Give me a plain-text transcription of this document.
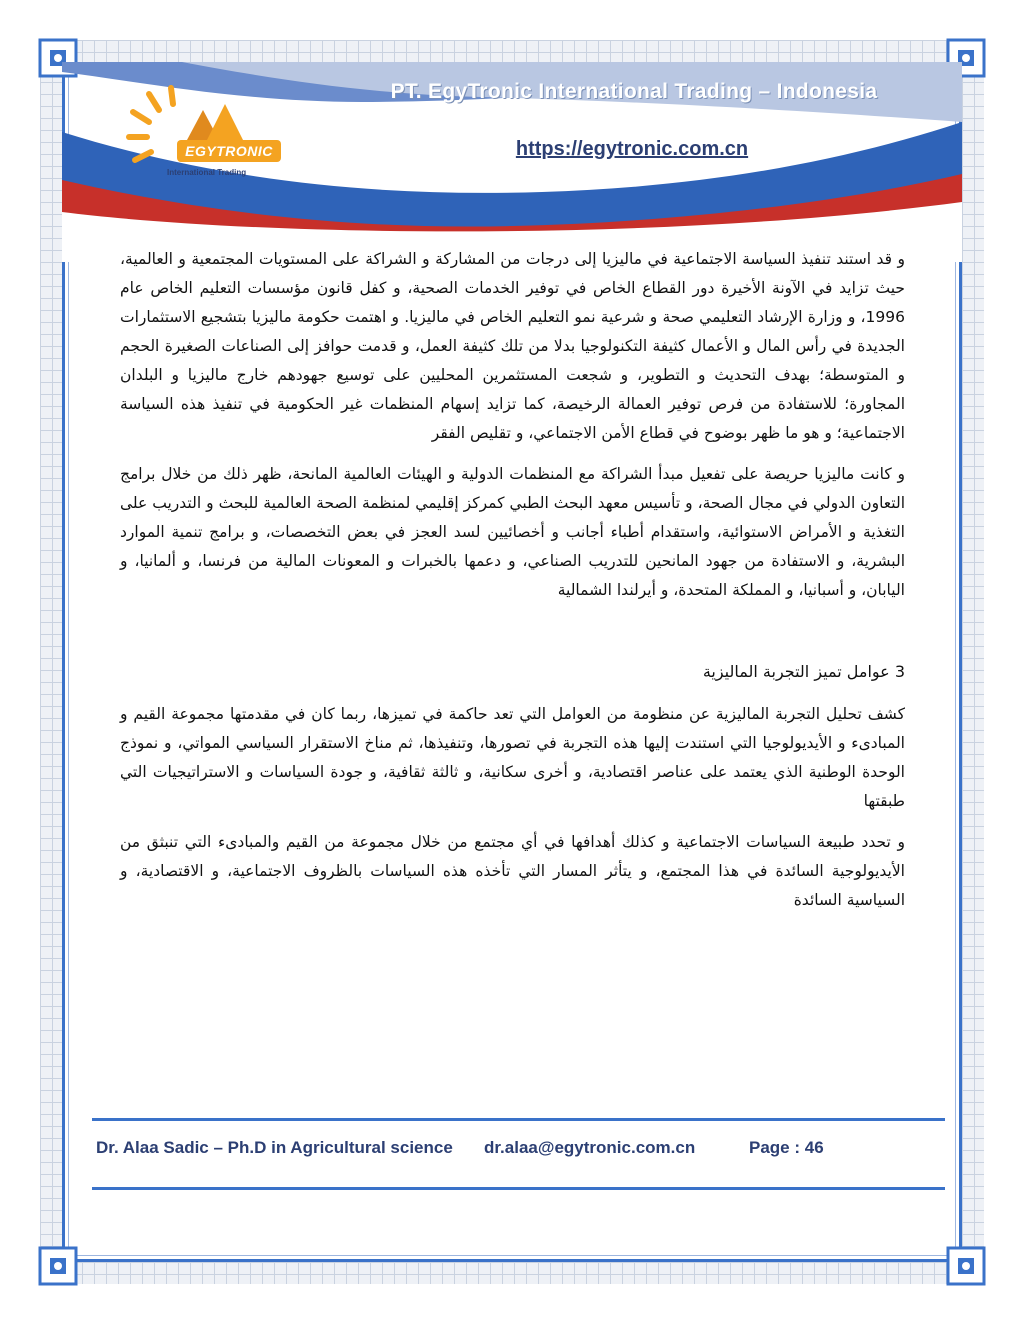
PT. EgyTronic International Trading – Indonesia
https://egytronic.com.cn
EGYTRONIC
International Trading

و قد استند تنفيذ السياسة الاجتماعية في ماليزيا إلى درجات من المشاركة و الشراكة على المستويات المجتمعية و العالمية، حيث تزايد في الآونة الأخيرة دور القطاع الخاص في توفير الخدمات الصحية، و كفل قانون مؤسسات التعليم الخاص عام 1996، و وزارة الإرشاد التعليمي صحة و شرعية نمو التعليم الخاص في ماليزيا. و اهتمت حكومة ماليزيا بتشجيع الاستثمارات الجديدة في رأس المال و الأعمال كثيفة التكنولوجيا بدلا من تلك كثيفة العمل، و قدمت حوافز إلى الصناعات الصغيرة الحجم و المتوسطة؛ بهدف التحديث و التطوير، و شجعت المستثمرين المحليين على توسيع جهودهم خارج ماليزيا و البلدان المجاورة؛ للاستفادة من فرص توفير العمالة الرخيصة، كما تزايد إسهام المنظمات غير الحكومية في تنفيذ هذه السياسة الاجتماعية؛ و هو ما ظهر بوضوح في قطاع الأمن الاجتماعي، و تقليص الفقر

و كانت ماليزيا حريصة على تفعيل مبدأ الشراكة مع المنظمات الدولية و الهيئات العالمية المانحة، ظهر ذلك من خلال برامج التعاون الدولي في مجال الصحة، و تأسيس معهد البحث الطبي كمركز إقليمي لمنظمة الصحة العالمية للبحث و التدريب على التغذية و الأمراض الاستوائية، واستقدام أطباء أجانب و أخصائيين لسد العجز في بعض التخصصات، و برامج تنمية الموارد البشرية، و الاستفادة من جهود المانحين للتدريب الصناعي، و دعمها بالخبرات و المعونات المالية من فرنسا، و ألمانيا، و اليابان، و أسبانيا، و المملكة المتحدة، و أيرلندا الشمالية

3 عوامل تميز التجربة الماليزية

كشف تحليل التجربة الماليزية عن منظومة من العوامل التي تعد حاكمة في تميزها، ربما كان في مقدمتها مجموعة القيم و المبادىء و الأيديولوجيا التي استندت إليها هذه التجربة في تصورها، وتنفيذها، ثم مناخ الاستقرار السياسي المواتي، و نموذج الوحدة الوطنية الذي يعتمد على عناصر اقتصادية، و أخرى سكانية، و ثالثة ثقافية، و جودة السياسات و الاستراتيجيات التي طبقتها

و تحدد طبيعة السياسات الاجتماعية و كذلك أهدافها في أي مجتمع من خلال مجموعة من القيم والمبادىء التي تنبثق من الأيديولوجية السائدة في هذا المجتمع، و يتأثر المسار التي تأخذه هذه السياسات بالظروف الاجتماعية، و الاقتصادية، و السياسية السائدة

Dr. Alaa Sadic – Ph.D in Agricultural science dr.alaa@egytronic.com.cn	Page : 46
